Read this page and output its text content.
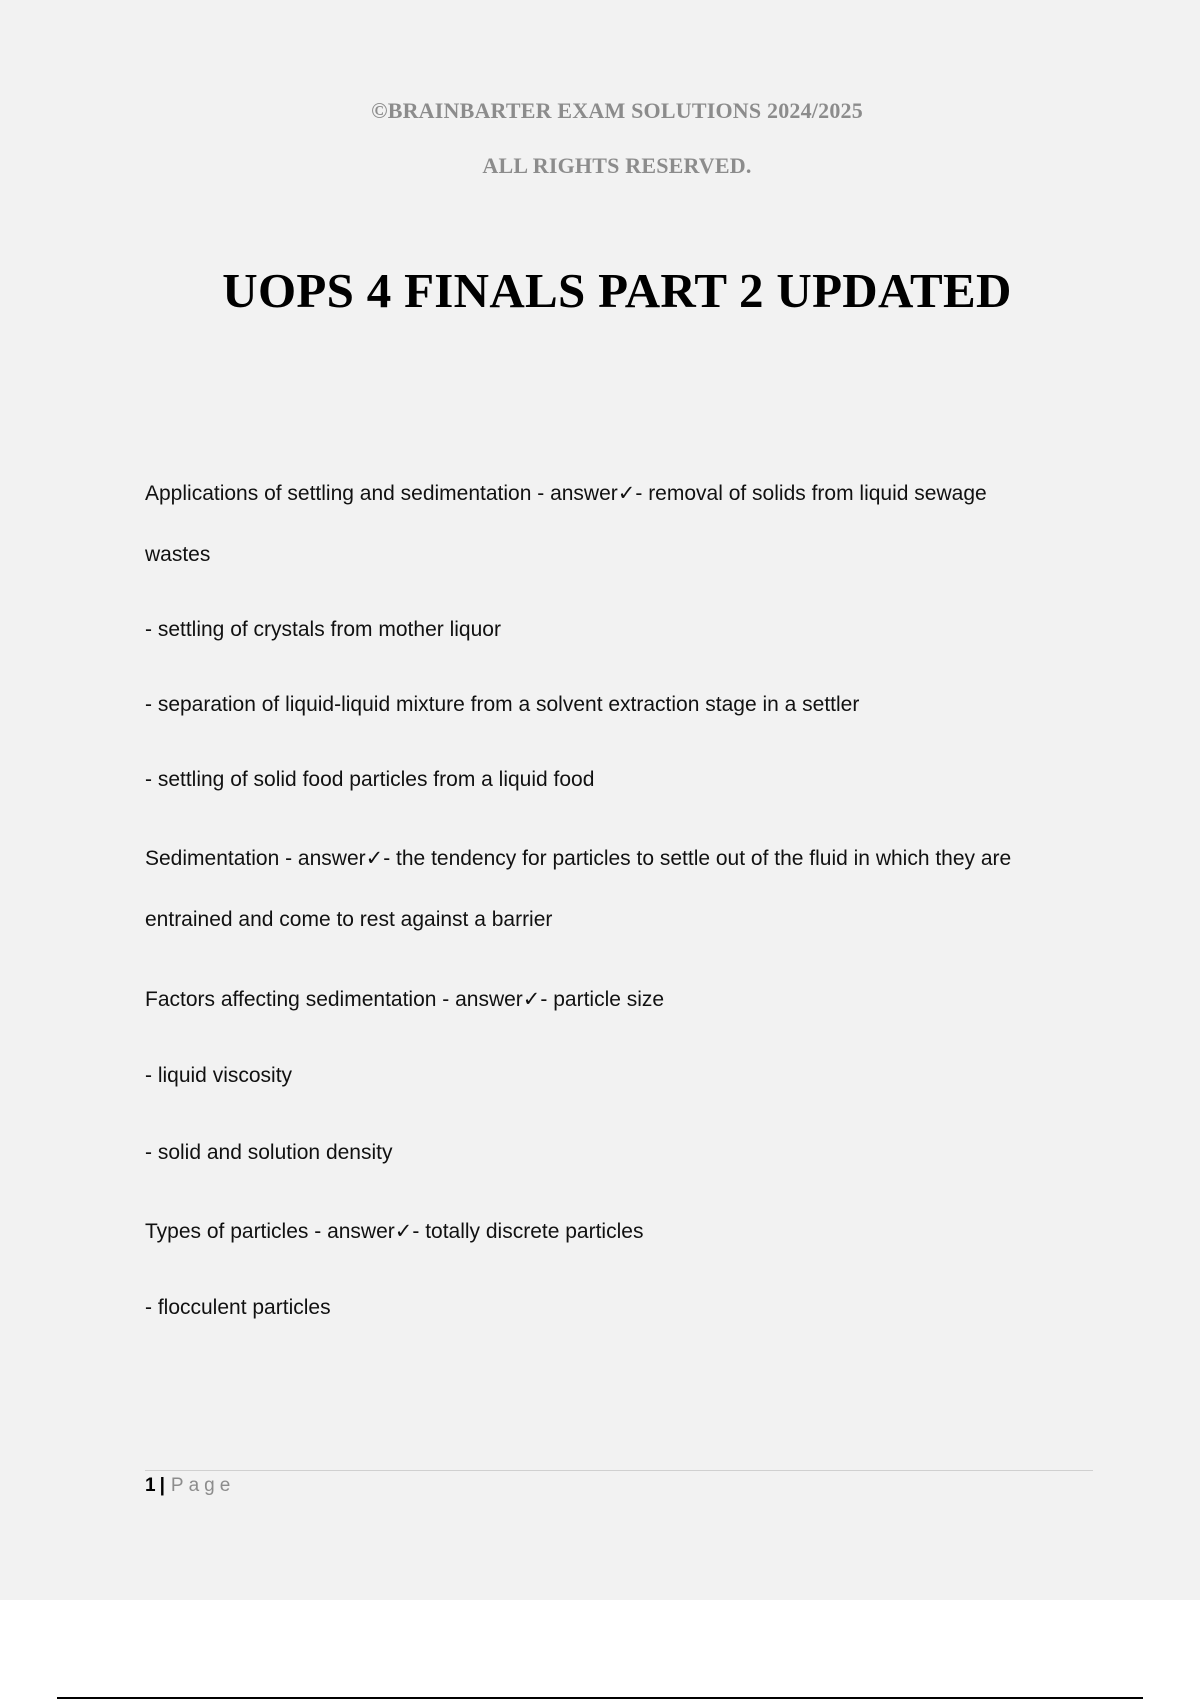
©BRAINBARTER EXAM SOLUTIONS 2024/2025
ALL RIGHTS RESERVED.
UOPS 4 FINALS PART 2 UPDATED
Applications of settling and sedimentation - answer✓- removal of solids from liquid sewage
wastes
- settling of crystals from mother liquor
- separation of liquid-liquid mixture from a solvent extraction stage in a settler
- settling of solid food particles from a liquid food
Sedimentation - answer✓- the tendency for particles to settle out of the fluid in which they are
entrained and come to rest against a barrier
Factors affecting sedimentation - answer✓- particle size
- liquid viscosity
- solid and solution density
Types of particles - answer✓- totally discrete particles
- flocculent particles
1 | Page
